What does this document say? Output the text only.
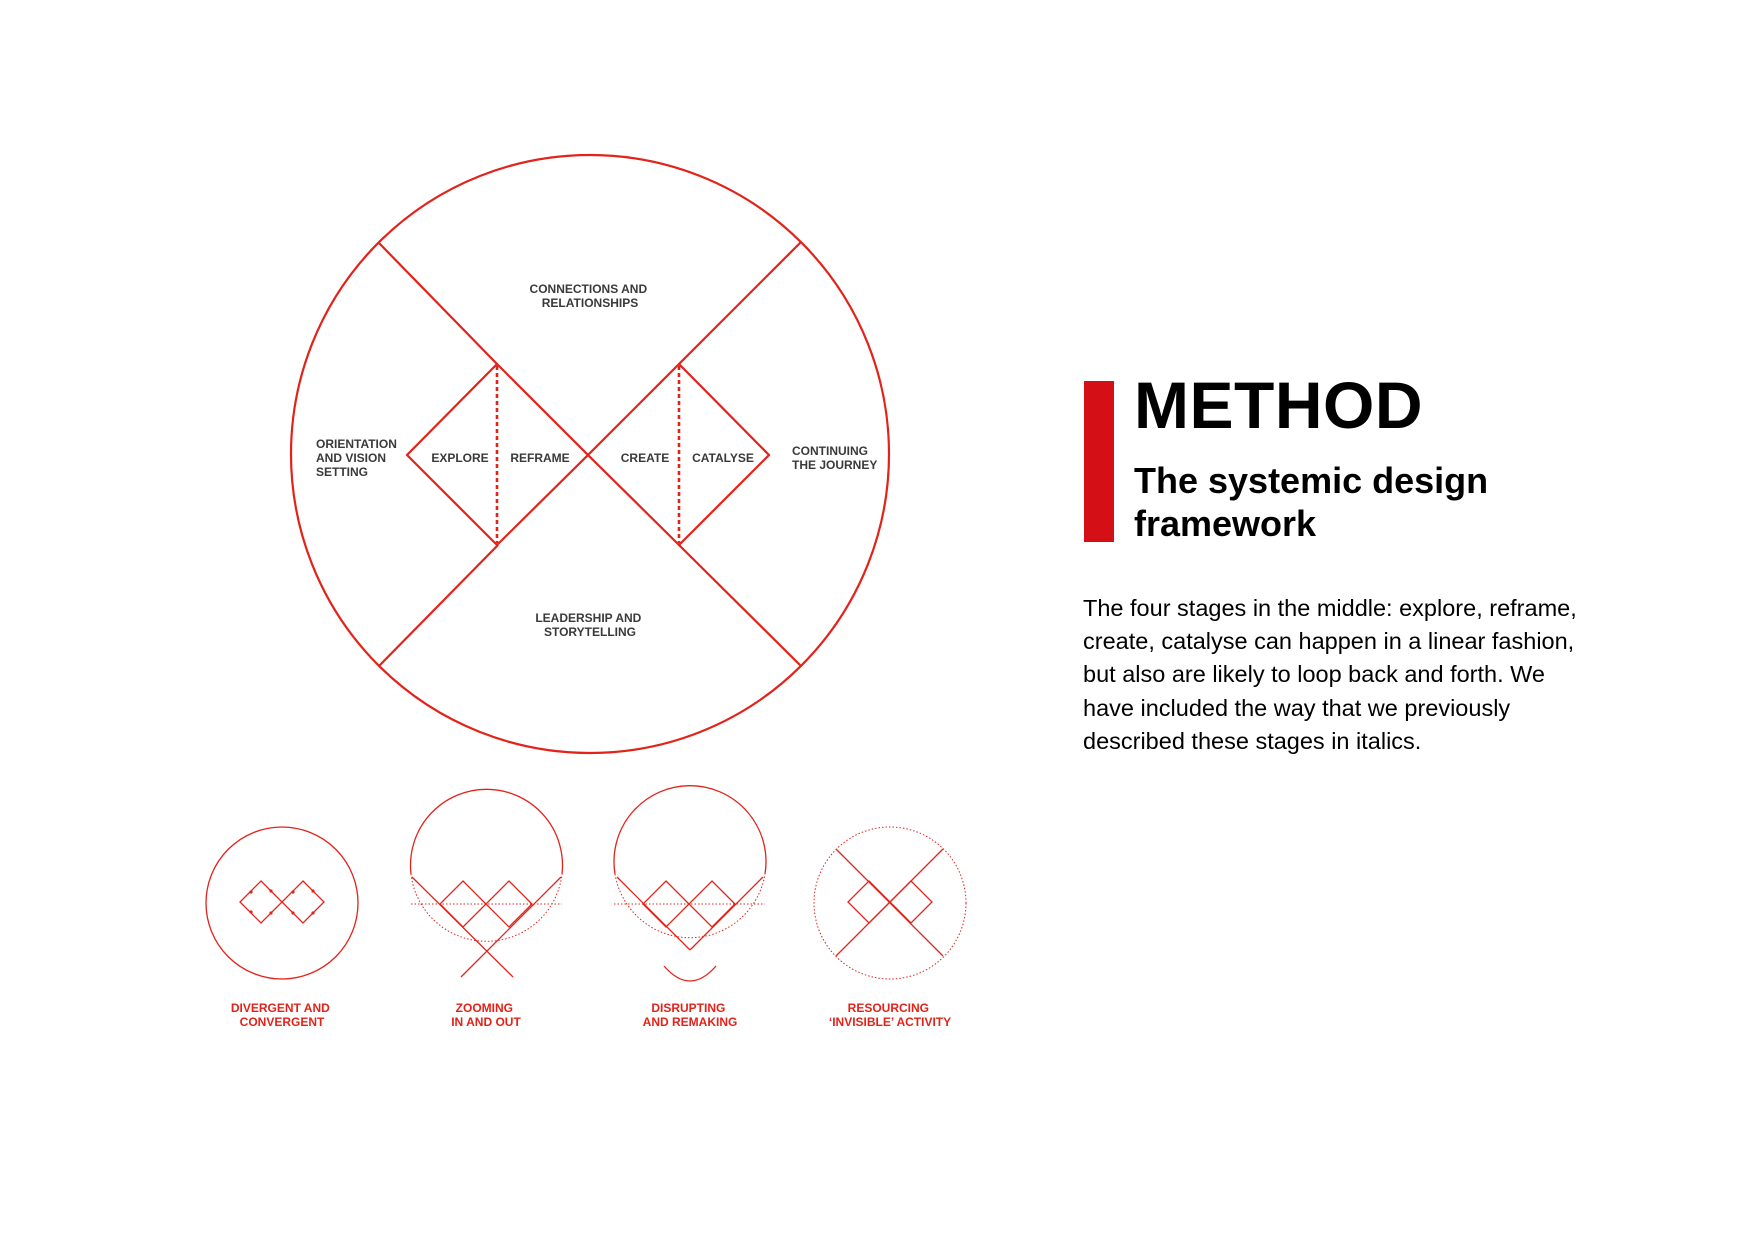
CONNECTIONS AND RELATIONSHIPS
ORIENTATION AND VISION SETTING
CONTINUING THE JOURNEY
LEADERSHIP AND STORYTELLING
EXPLORE REFRAME	CREATE CATALYSE
DIVERGENT AND CONVERGENT
ZOOMING IN AND OUT
DISRUPTING AND REMAKING
RESOURCING ‘INVISIBLE’ ACTIVITY
METHOD
The systemic design framework

The four stages in the middle: explore, reframe, create, catalyse can happen in a linear fashion, but also are likely to loop back and forth. We have included the way that we previously described these stages in italics.
